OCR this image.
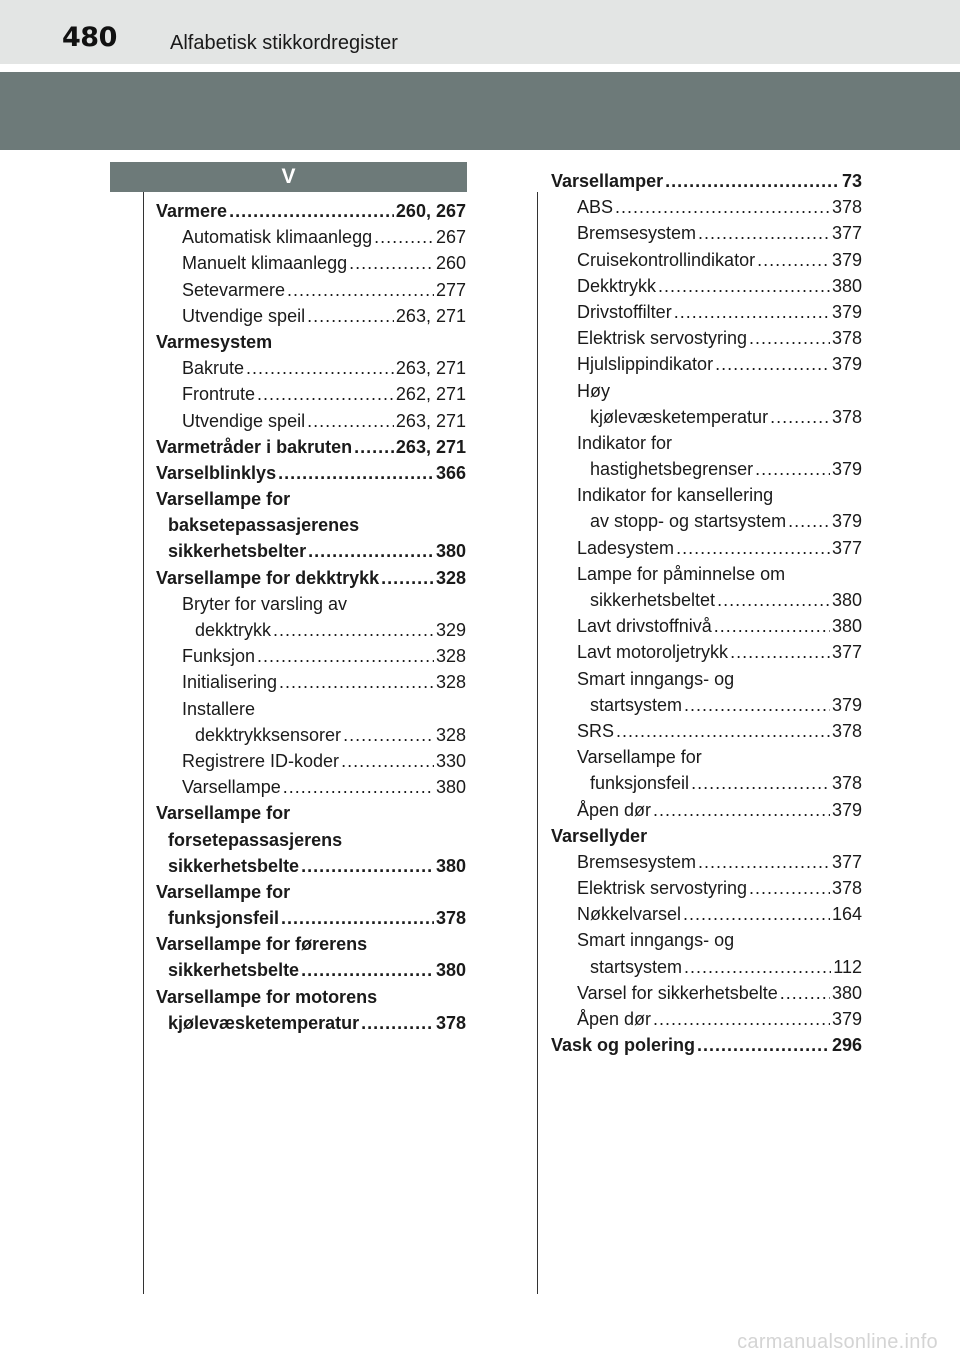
480	Alfabetisk stikkordregister
V
Varmere .....	260, 267
Automatisk klimaanlegg .....	267
Manuelt klimaanlegg .....	260
Setevarmere .....	277
Utvendige speil .....	263, 271
Varmesystem
Bakrute .....	263, 271
Frontrute .....	262, 271
Utvendige speil .....	263, 271
Varmetråder i bakruten ..... 263, 271
Varselblinklys .....	366
Varsellampe for
baksetepassasjerenes
sikkerhetsbelter .....	380
Varsellampe for dekktrykk .....	328
Bryter for varsling av
dekktrykk .....	329
Funksjon .....	328
Initialisering .....	328
Installere
dekktrykksensorer .....	328
Registrere ID-koder .....	330
Varsellampe .....	380
Varsellampe for
forsetepassasjerens
sikkerhetsbelte .....	380
Varsellampe for
funksjonsfeil .....	378
Varsellampe for førerens
sikkerhetsbelte .....	380
Varsellampe for motorens
kjølevæsketemperatur .....	378
Varsellamper .....	73
ABS .....	378
Bremsesystem .....	377
Cruisekontrollindikator .....	379
Dekktrykk .....	380
Drivstoffilter .....	379
Elektrisk servostyring .....	378
Hjulslippindikator .....	379
Høy
kjølevæsketemperatur .....	378
Indikator for
hastighetsbegrenser .....	379
Indikator for kansellering
av stopp- og startsystem .....	379
Ladesystem .....	377
Lampe for påminnelse om
sikkerhetsbeltet .....	380
Lavt drivstoffnivå .....	380
Lavt motoroljetrykk .....	377
Smart inngangs- og
startsystem .....	379
SRS .....	378
Varsellampe for
funksjonsfeil .....	378
Åpen dør .....	379
Varsellyder
Bremsesystem .....	377
Elektrisk servostyring .....	378
Nøkkelvarsel .....	164
Smart inngangs- og
startsystem .....	112
Varsel for sikkerhetsbelte .....	380
Åpen dør .....	379
Vask og polering .....	296
carmanualsonline.info
